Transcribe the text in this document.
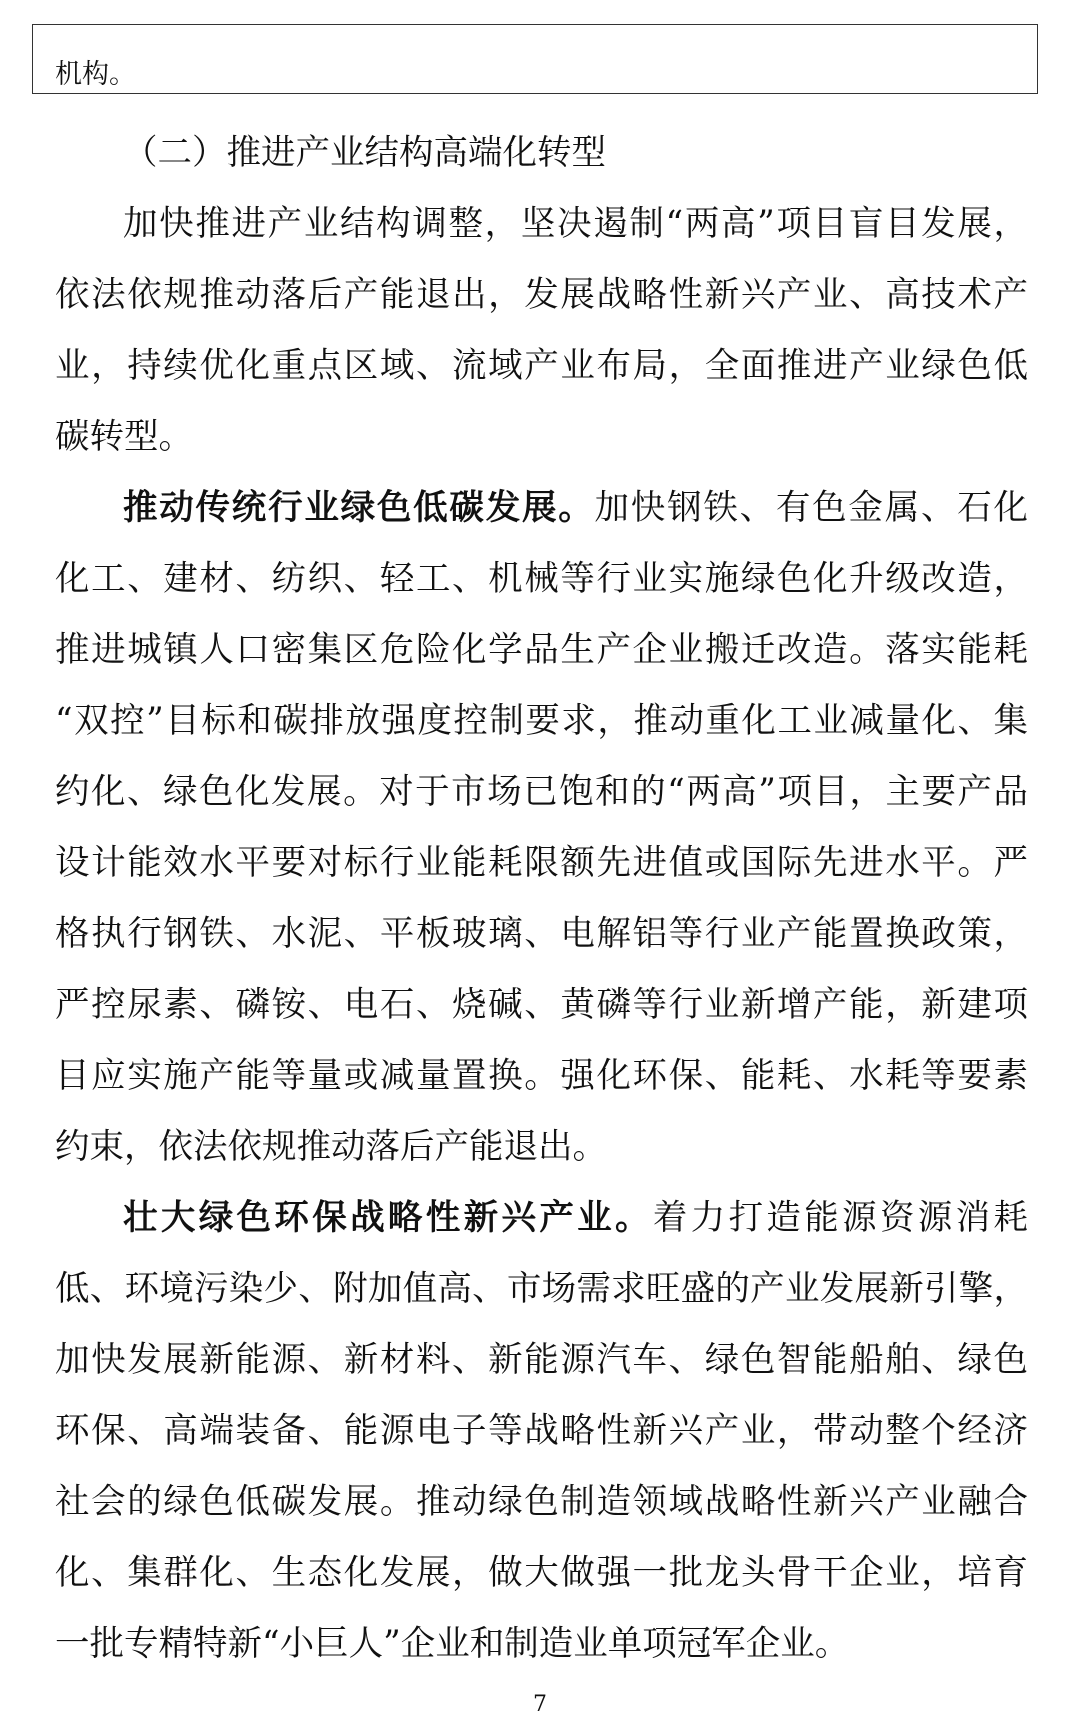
机构。
（二）推进产业结构高端化转型
加快推进产业结构调整，坚决遏制“两高”项目盲目发展，
依法依规推动落后产能退出，发展战略性新兴产业、高技术产
业，持续优化重点区域、流域产业布局，全面推进产业绿色低
碳转型。
推动传统行业绿色低碳发展。加快钢铁、有色金属、石化
化工、建材、纺织、轻工、机械等行业实施绿色化升级改造，
推进城镇人口密集区危险化学品生产企业搬迁改造。落实能耗
“双控”目标和碳排放强度控制要求，推动重化工业减量化、集
约化、绿色化发展。对于市场已饱和的“两高”项目，主要产品
设计能效水平要对标行业能耗限额先进值或国际先进水平。严
格执行钢铁、水泥、平板玻璃、电解铝等行业产能置换政策，
严控尿素、磷铵、电石、烧碱、黄磷等行业新增产能，新建项
目应实施产能等量或减量置换。强化环保、能耗、水耗等要素
约束，依法依规推动落后产能退出。
壮大绿色环保战略性新兴产业。着力打造能源资源消耗
低、环境污染少、附加值高、市场需求旺盛的产业发展新引擎，
加快发展新能源、新材料、新能源汽车、绿色智能船舶、绿色
环保、高端装备、能源电子等战略性新兴产业，带动整个经济
社会的绿色低碳发展。推动绿色制造领域战略性新兴产业融合
化、集群化、生态化发展，做大做强一批龙头骨干企业，培育
一批专精特新“小巨人”企业和制造业单项冠军企业。
7
